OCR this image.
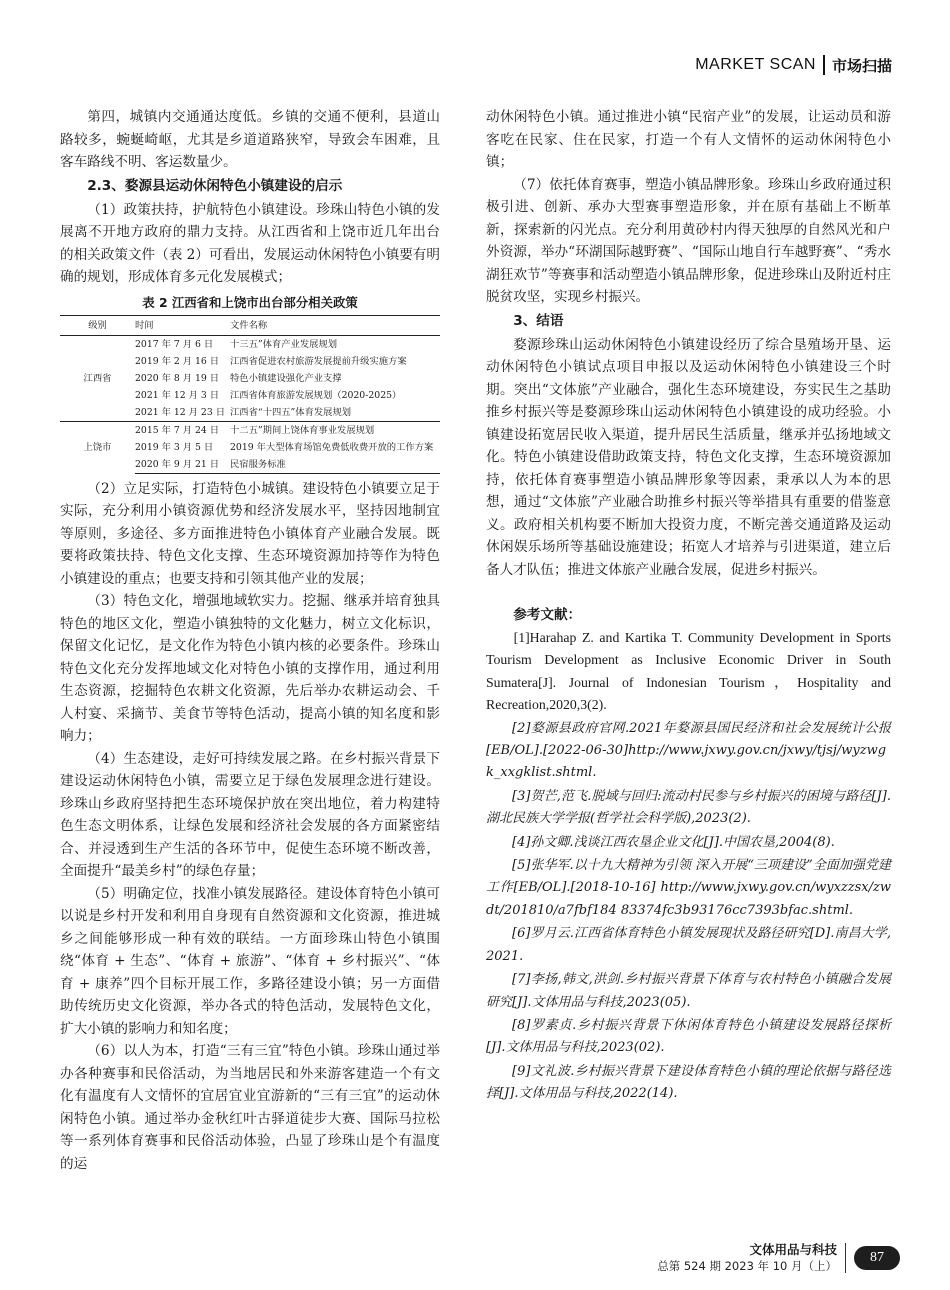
MARKET SCAN 市场扫描

第四，城镇内交通通达度低。乡镇的交通不便利，县道山路较多，蜿蜒崎岖，尤其是乡道道路狭窄，导致会车困难，且客车路线不明、客运数量少。

2.3、婺源县运动休闲特色小镇建设的启示

（1）政策扶持，护航特色小镇建设。珍珠山特色小镇的发展离不开地方政府的鼎力支持。从江西省和上饶市近几年出台的相关政策文件（表 2）可看出，发展运动休闲特色小镇要有明确的规划，形成体育多元化发展模式；

表 2 江西省和上饶市出台部分相关政策
级别	时间	文件名称
江西省	2017 年 7 月 6 日	十三五”体育产业发展规划
	2019 年 2 月 16 日	江西省促进农村旅游发展提前升级实施方案
	2020 年 8 月 19 日	特色小镇建设强化产业支撑
	2021 年 12 月 3 日	江西省体育旅游发展规划（2020-2025）
	2021 年 12 月 23 日	江西省“十四五”体育发展规划
上饶市	2015 年 7 月 24 日	十二五”期间上饶体育事业发展规划
	2019 年 3 月 5 日	2019 年大型体育场馆免费低收费开放的工作方案
	2020 年 9 月 21 日	民宿服务标准

（2）立足实际，打造特色小城镇。建设特色小镇要立足于实际，充分利用小镇资源优势和经济发展水平，坚持因地制宜等原则，多途径、多方面推进特色小镇体育产业融合发展。既要将政策扶持、特色文化支撑、生态环境资源加持等作为特色小镇建设的重点；也要支持和引领其他产业的发展；

（3）特色文化，增强地域软实力。挖掘、继承并培育独具特色的地区文化，塑造小镇独特的文化魅力，树立文化标识，保留文化记忆，是文化作为特色小镇内核的必要条件。珍珠山特色文化充分发挥地域文化对特色小镇的支撑作用，通过利用生态资源，挖掘特色农耕文化资源，先后举办农耕运动会、千人村宴、采摘节、美食节等特色活动，提高小镇的知名度和影响力；

（4）生态建设，走好可持续发展之路。在乡村振兴背景下建设运动休闲特色小镇，需要立足于绿色发展理念进行建设。珍珠山乡政府坚持把生态环境保护放在突出地位，着力构建特色生态文明体系，让绿色发展和经济社会发展的各方面紧密结合、并浸透到生产生活的各环节中，促使生态环境不断改善，全面提升“最美乡村”的绿色存量；

（5）明确定位，找准小镇发展路径。建设体育特色小镇可以说是乡村开发和利用自身现有自然资源和文化资源，推进城乡之间能够形成一种有效的联结。一方面珍珠山特色小镇围绕“体育 + 生态”、“体育 + 旅游”、“体育 + 乡村振兴”、“体育 + 康养”四个目标开展工作，多路径建设小镇；另一方面借助传统历史文化资源，举办各式的特色活动，发展特色文化，扩大小镇的影响力和知名度；

（6）以人为本，打造“三有三宜”特色小镇。珍珠山通过举办各种赛事和民俗活动，为当地居民和外来游客建造一个有文化有温度有人文情怀的宜居宜业宜游新的“三有三宜”的运动休闲特色小镇。通过举办金秋红叶古驿道徒步大赛、国际马拉松等一系列体育赛事和民俗活动体验，凸显了珍珠山是个有温度的运

动休闲特色小镇。通过推进小镇“民宿产业”的发展，让运动员和游客吃在民家、住在民家，打造一个有人文情怀的运动休闲特色小镇；

（7）依托体育赛事，塑造小镇品牌形象。珍珠山乡政府通过积极引进、创新、承办大型赛事塑造形象，并在原有基础上不断革新，探索新的闪光点。充分利用黄砂村内得天独厚的自然风光和户外资源，举办“环湖国际越野赛”、“国际山地自行车越野赛”、“秀水湖狂欢节”等赛事和活动塑造小镇品牌形象，促进珍珠山及附近村庄脱贫攻坚，实现乡村振兴。

3、结语

婺源珍珠山运动休闲特色小镇建设经历了综合垦殖场开垦、运动休闲特色小镇试点项目申报以及运动休闲特色小镇建设三个时期。突出“文体旅”产业融合，强化生态环境建设，夯实民生之基助推乡村振兴等是婺源珍珠山运动休闲特色小镇建设的成功经验。小镇建设拓宽居民收入渠道，提升居民生活质量，继承并弘扬地域文化。特色小镇建设借助政策支持，特色文化支撑，生态环境资源加持，依托体育赛事塑造小镇品牌形象等因素，秉承以人为本的思想，通过“文体旅”产业融合助推乡村振兴等举措具有重要的借鉴意义。政府相关机构要不断加大投资力度，不断完善交通道路及运动休闲娱乐场所等基础设施建设；拓宽人才培养与引进渠道，建立后备人才队伍；推进文体旅产业融合发展，促进乡村振兴。

参考文献：

[1]Harahap Z. and Kartika T. Community Development in Sports Tourism Development as Inclusive Economic Driver in South Sumatera[J]. Journal of Indonesian Tourism，Hospitality and Recreation,2020,3(2).

[2]婺源县政府官网.2021年婺源县国民经济和社会发展统计公报[EB/OL].[2022-06-30]http://www.jxwy.gov.cn/jxwy/tjsj/wyzwgk_xxgklist.shtml.

[3]贺芒,范飞.脱域与回归:流动村民参与乡村振兴的困境与路径[J].湖北民族大学学报(哲学社会科学版),2023(2).

[4]孙文卿.浅谈江西农垦企业文化[J].中国农垦,2004(8).

[5]张华军.以十九大精神为引领 深入开展“三项建设”全面加强党建工作[EB/OL].[2018-10-16] http://www.jxwy.gov.cn/wyxzzsx/zwdt/201810/a7fbf184 83374fc3b93176cc7393bfac.shtml.

[6]罗月云.江西省体育特色小镇发展现状及路径研究[D].南昌大学,2021.

[7]李扬,韩文,洪剑.乡村振兴背景下体育与农村特色小镇融合发展研究[J].文体用品与科技,2023(05).

[8]罗素贞.乡村振兴背景下休闲体育特色小镇建设发展路径探析[J].文体用品与科技,2023(02).

[9]文礼波.乡村振兴背景下建设体育特色小镇的理论依据与路径选择[J].文体用品与科技,2022(14).

文体用品与科技
总第 524 期 2023 年 10 月（上）
87
